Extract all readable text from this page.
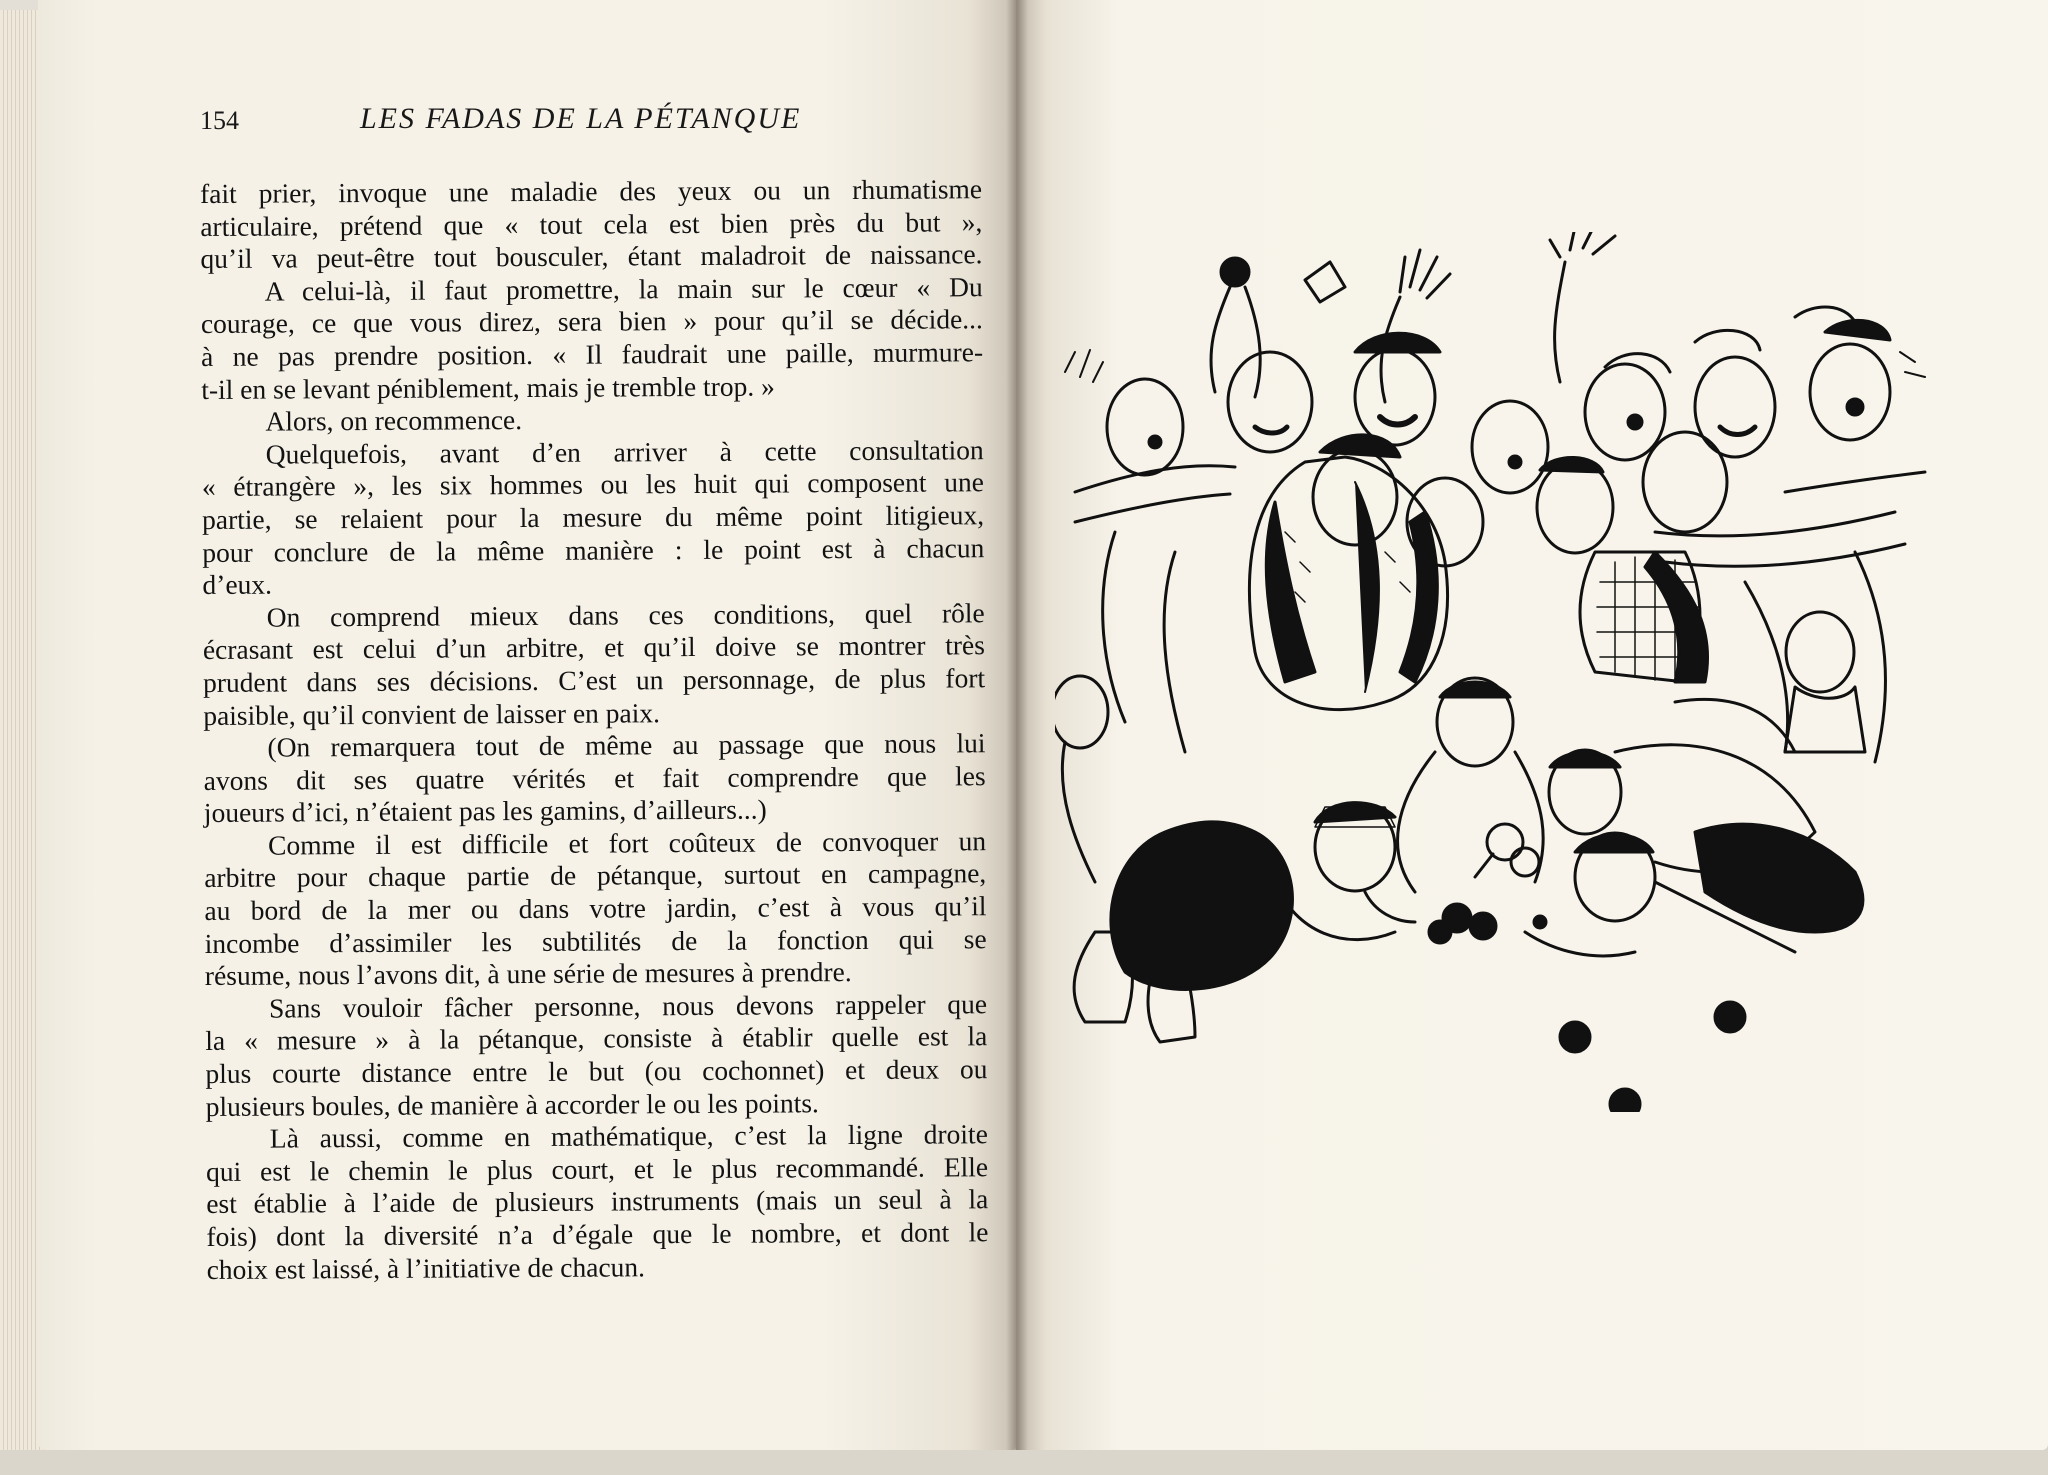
154	LES FADAS DE LA PÉTANQUE
fait prier, invoque une maladie des yeux ou un rhumatisme
articulaire, prétend que « tout cela est bien près du but »,
qu’il va peut-être tout bousculer, étant maladroit de naissance.
A celui-là, il faut promettre, la main sur le cœur « Du
courage, ce que vous direz, sera bien » pour qu’il se décide...
à ne pas prendre position. « Il faudrait une paille, murmure-
t-il en se levant péniblement, mais je tremble trop. »
Alors, on recommence.
Quelquefois, avant d’en arriver à cette consultation
« étrangère », les six hommes ou les huit qui composent une
partie, se relaient pour la mesure du même point litigieux,
pour conclure de la même manière : le point est à chacun
d’eux.
On comprend mieux dans ces conditions, quel rôle
écrasant est celui d’un arbitre, et qu’il doive se montrer très
prudent dans ses décisions. C’est un personnage, de plus fort
paisible, qu’il convient de laisser en paix.
(On remarquera tout de même au passage que nous lui
avons dit ses quatre vérités et fait comprendre que les
joueurs d’ici, n’étaient pas les gamins, d’ailleurs...)
Comme il est difficile et fort coûteux de convoquer un
arbitre pour chaque partie de pétanque, surtout en campagne,
au bord de la mer ou dans votre jardin, c’est à vous qu’il
incombe d’assimiler les subtilités de la fonction qui se
résume, nous l’avons dit, à une série de mesures à prendre.
Sans vouloir fâcher personne, nous devons rappeler que
la « mesure » à la pétanque, consiste à établir quelle est la
plus courte distance entre le but (ou cochonnet) et deux ou
plusieurs boules, de manière à accorder le ou les points.
Là aussi, comme en mathématique, c’est la ligne droite
qui est le chemin le plus court, et le plus recommandé. Elle
est établie à l’aide de plusieurs instruments (mais un seul à la
fois) dont la diversité n’a d’égale que le nombre, et dont le
choix est laissé, à l’initiative de chacun.
